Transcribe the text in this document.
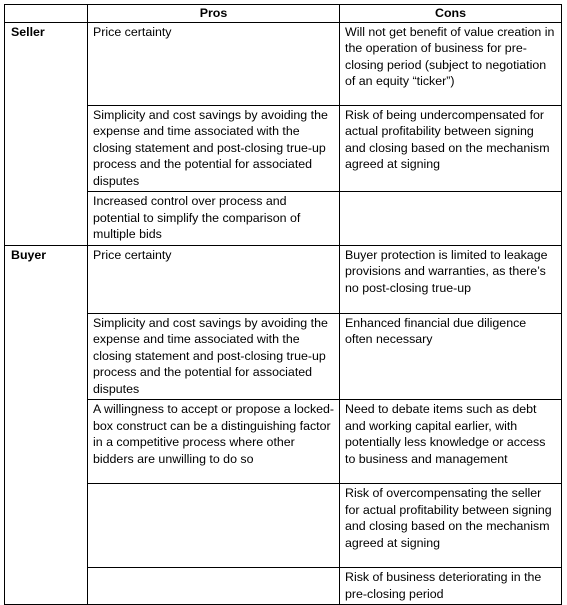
	Pros	Cons
Seller	Price certainty	Will not get benefit of value creation in the operation of business for pre-closing period (subject to negotiation of an equity “ticker”)
	Simplicity and cost savings by avoiding the expense and time associated with the closing statement and post-closing true-up process and the potential for associated disputes	Risk of being undercompensated for actual profitability between signing and closing based on the mechanism agreed at signing
	Increased control over process and potential to simplify the comparison of multiple bids	
Buyer	Price certainty	Buyer protection is limited to leakage provisions and warranties, as there’s no post-closing true-up
	Simplicity and cost savings by avoiding the expense and time associated with the closing statement and post-closing true-up process and the potential for associated disputes	Enhanced financial due diligence often necessary
	A willingness to accept or propose a locked-box construct can be a distinguishing factor in a competitive process where other bidders are unwilling to do so	Need to debate items such as debt and working capital earlier, with potentially less knowledge or access to business and management
		Risk of overcompensating the seller for actual profitability between signing and closing based on the mechanism agreed at signing
		Risk of business deteriorating in the pre-closing period
